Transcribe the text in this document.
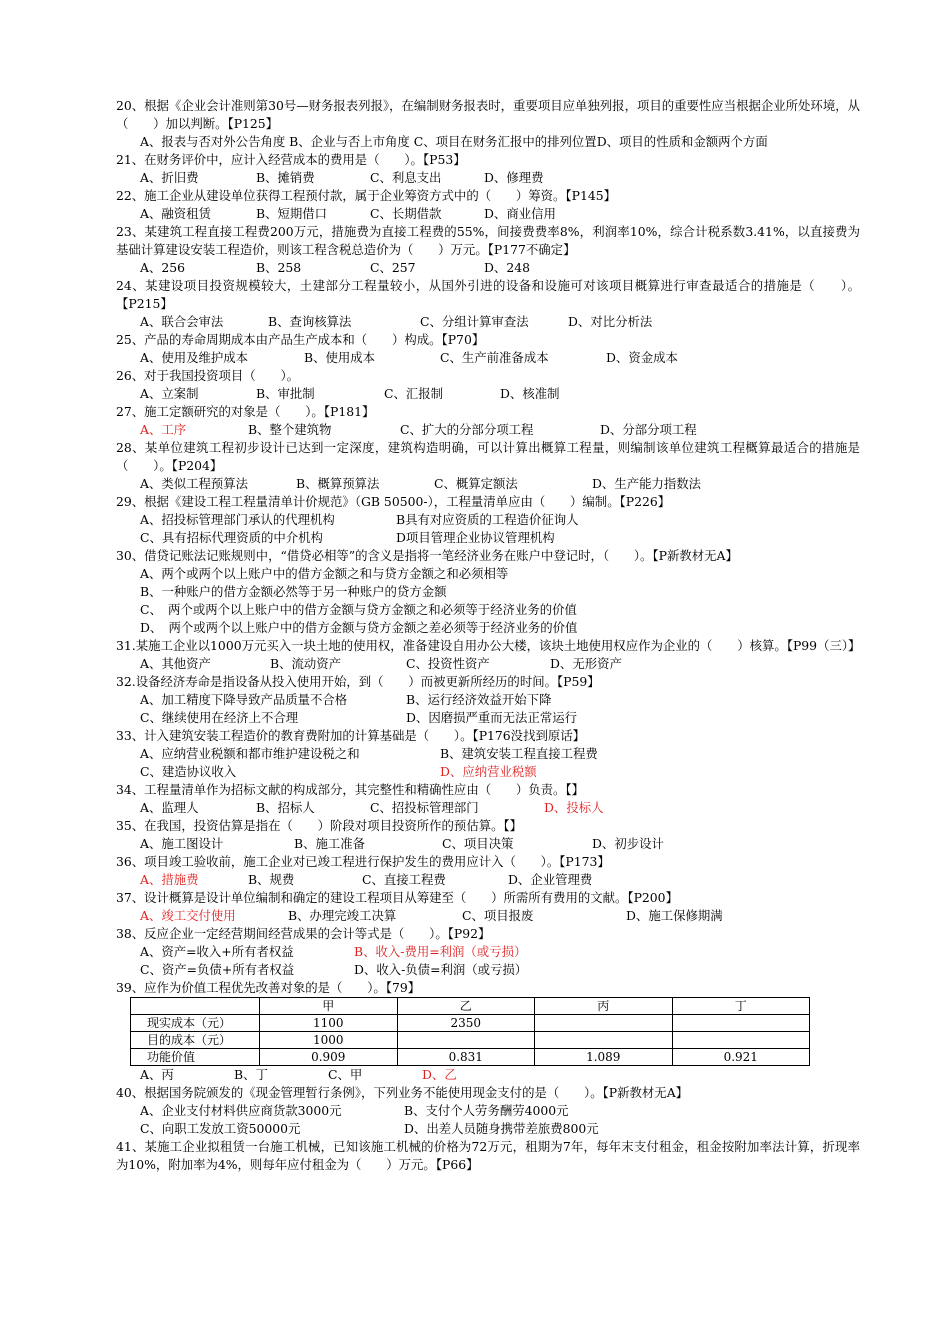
20、根据《企业会计准则第30号—财务报表列报》，在编制财务报表时，重要项目应单独列报，项目的重要性应当根据企业所处环境，从（　　）加以判断。【P125】
A、报表与否对外公告角度 B、企业与否上市角度 C、项目在财务汇报中的排列位置D、项目的性质和金额两个方面
21、在财务评价中，应计入经营成本的费用是（　　）。【P53】
A、折旧费	B、摊销费	C、利息支出	D、修理费
22、施工企业从建设单位获得工程预付款，属于企业筹资方式中的（　　）筹资。【P145】
A、融资租赁	B、短期借口	C、长期借款	D、商业信用
23、某建筑工程直接工程费200万元，措施费为直接工程费的55%，间接费费率8%，利润率10%，综合计税系数3.41%，以直接费为基础计算建设安装工程造价，则该工程含税总造价为（　　）万元。【P177不确定】
A、256	B、258	C、257	D、248
24、某建设项目投资规模较大，土建部分工程量较小，从国外引进的设备和设施可对该项目概算进行审查最适合的措施是（　　）。【P215】
A、联合会审法	B、查询核算法	C、分组计算审查法	D、对比分析法
25、产品的寿命周期成本由产品生产成本和（　　）构成。【P70】
A、使用及维护成本	B、使用成本	C、生产前准备成本	D、资金成本
26、对于我国投资项目（　　）。
A、立案制	B、审批制	C、汇报制	D、核准制
27、施工定额研究的对象是（　　）。【P181】
A、工序	B、整个建筑物	C、扩大的分部分项工程	D、分部分项工程
28、某单位建筑工程初步设计已达到一定深度，建筑构造明确，可以计算出概算工程量，则编制该单位建筑工程概算最适合的措施是（　　）。【P204】
A、类似工程预算法	B、概算预算法	C、概算定额法	D、生产能力指数法
29、根据《建设工程工程量清单计价规范》（GB 50500-），工程量清单应由（　　）编制。【P226】
A、招投标管理部门承认的代理机构	B具有对应资质的工程造价征询人
C、具有招标代理资质的中介机构	D项目管理企业协议管理机构
30、借贷记账法记账规则中，“借贷必相等”的含义是指将一笔经济业务在账户中登记时，（　　）。【P新教材无A】
A、两个或两个以上账户中的借方金额之和与贷方金额之和必须相等
B、一种账户的借方金额必然等于另一种账户的贷方金额
C、　两个或两个以上账户中的借方金额与贷方金额之和必须等于经济业务的价值
D、　两个或两个以上账户中的借方金额与贷方金额之差必须等于经济业务的价值
31.某施工企业以1000万元买入一块土地的使用权，准备建设自用办公大楼，该块土地使用权应作为企业的（　　）核算。【P99（三）】
A、其他资产	B、流动资产	C、投资性资产	D、无形资产
32.设备经济寿命是指设备从投入使用开始，到（　　）而被更新所经历的时间。【P59】
A、加工精度下降导致产品质量不合格	B、运行经济效益开始下降
C、继续使用在经济上不合理	D、因磨损严重而无法正常运行
33、计入建筑安装工程造价的教育费附加的计算基础是（　　）。【P176没找到原话】
A、应纳营业税额和都市维护建设税之和	B、建筑安装工程直接工程费
C、建造协议收入	D、应纳营业税额
34、工程量清单作为招标文献的构成部分，其完整性和精确性应由（　　）负责。【】
A、监理人	B、招标人	C、招投标管理部门	D、投标人
35、在我国，投资估算是指在（　　）阶段对项目投资所作的预估算。【】
A、施工图设计	B、施工准备	C、项目决策	D、初步设计
36、项目竣工验收前，施工企业对已竣工程进行保护发生的费用应计入（　　）。【P173】
A、措施费	B、规费	C、直接工程费	D、企业管理费
37、设计概算是设计单位编制和确定的建设工程项目从筹建至（　　）所需所有费用的文献。【P200】
A、竣工交付使用	B、办理完竣工决算	C、项目报废	D、施工保修期满
38、反应企业一定经营期间经营成果的会计等式是（　　）。【P92】
A、资产=收入+所有者权益	B、收入-费用=利润（或亏损）
C、资产=负债+所有者权益	D、收入-负债=利润（或亏损）
39、应作为价值工程优先改善对象的是（　　）。【79】
	甲	乙	丙	丁
现实成本（元）	1100	2350		
目的成本（元）	1000			
功能价值	0.909	0.831	1.089	0.921
A、丙	B、丁	C、甲	D、乙
40、根据国务院颁发的《现金管理暂行条例》，下列业务不能使用现金支付的是（　　）。【P新教材无A】
A、企业支付材料供应商货款3000元	B、支付个人劳务酬劳4000元
C、向职工发放工资50000元	D、出差人员随身携带差旅费800元
41、某施工企业拟租赁一台施工机械，已知该施工机械的价格为72万元，租期为7年，每年末支付租金，租金按附加率法计算，折现率为10%，附加率为4%，则每年应付租金为（　　）万元。【P66】
